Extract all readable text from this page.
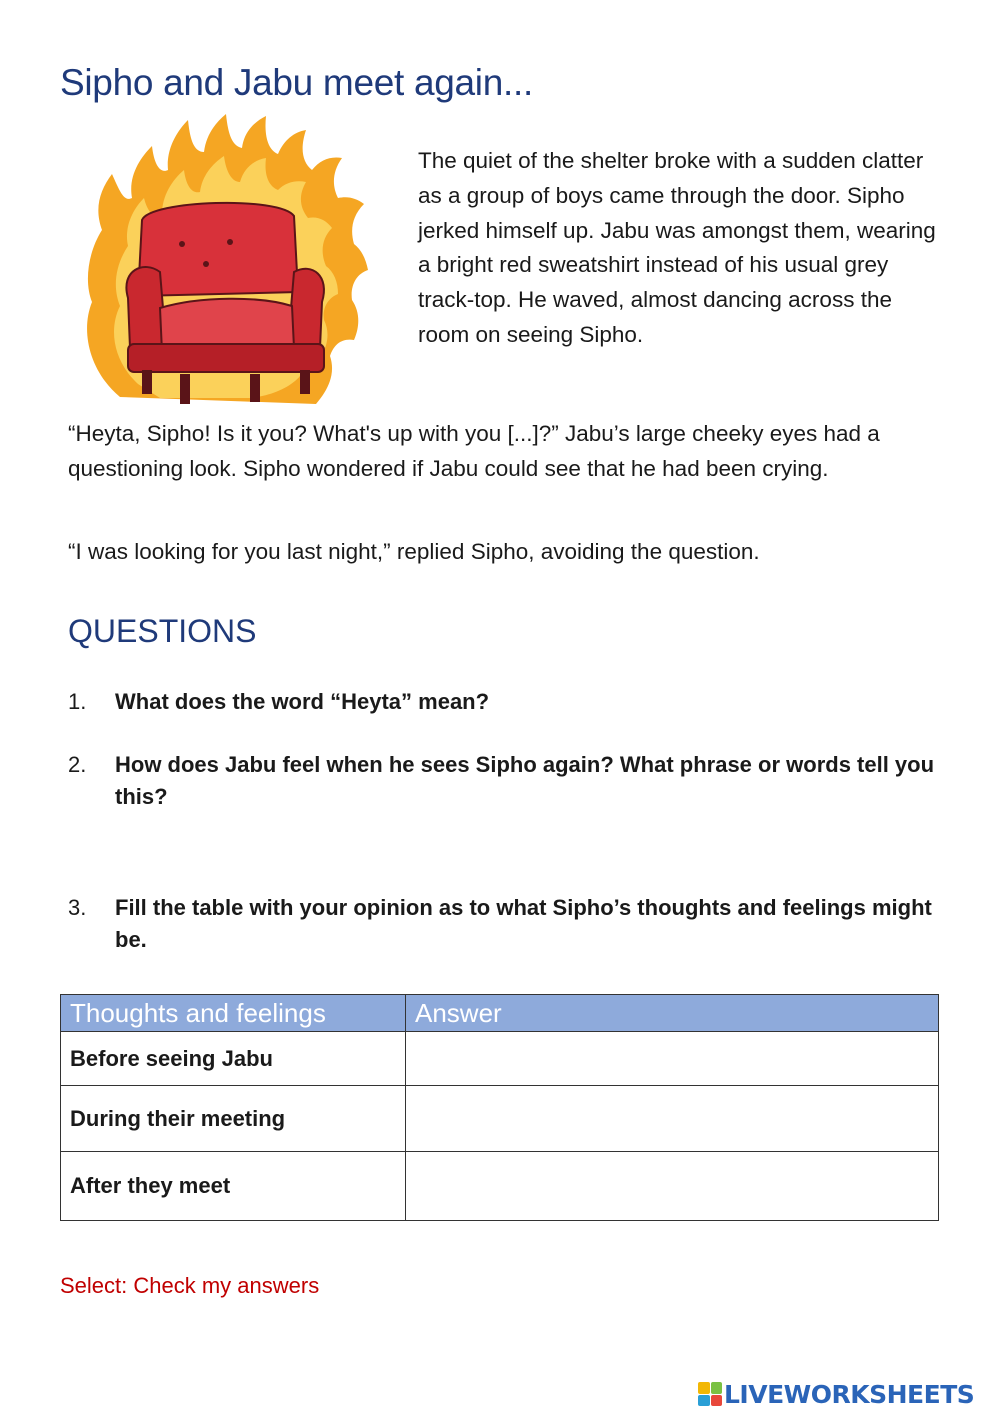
Sipho and Jabu meet again...

The quiet of the shelter broke with a sudden clatter as a group of boys came through the door. Sipho jerked himself up. Jabu was amongst them, wearing a bright red sweatshirt instead of his usual grey track-top. He waved, almost dancing across the room on seeing Sipho.

“Heyta, Sipho! Is it you? What's up with you [...]?” Jabu’s large cheeky eyes had a questioning look. Sipho wondered if Jabu could see that he had been crying.

“I was looking for you last night,” replied Sipho, avoiding the question.

QUESTIONS
1.	What does the word “Heyta” mean?
2.	How does Jabu feel when he sees Sipho again? What phrase or words tell you this?
3.	Fill the table with your opinion as to what Sipho’s thoughts and feelings might be.
Thoughts and feelings	Answer
Before seeing Jabu	
During their meeting	
After they meet	
Select: Check my answers
LIVEWORKSHEETS
